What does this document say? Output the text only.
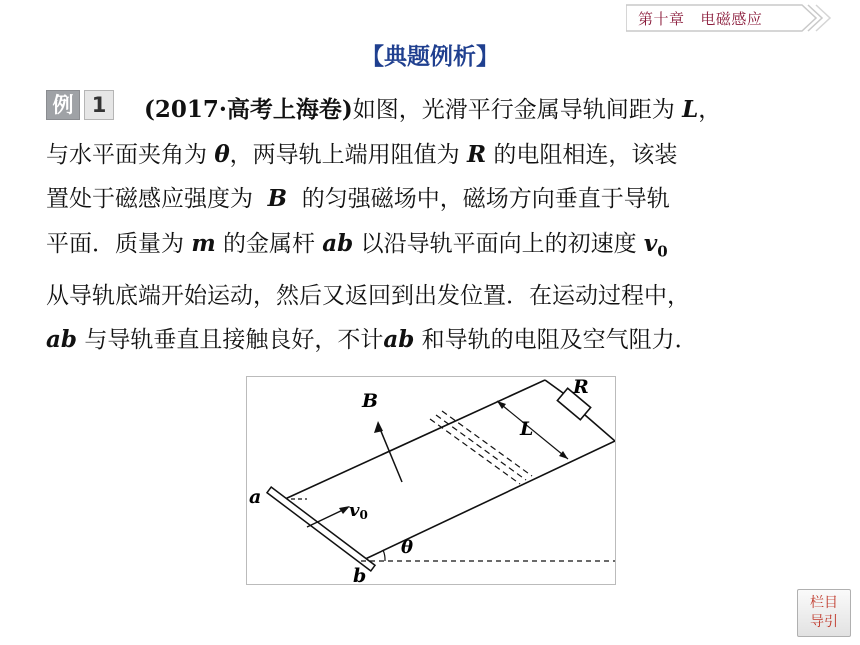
第十章 电磁感应
【典题例析】
例 1	(2017·高考上海卷)如图，光滑平行金属导轨间距为 L，

与水平面夹角为 θ，两导轨上端用阻值为 R 的电阻相连，该装

置处于磁感应强度为 B 的匀强磁场中，磁场方向垂直于导轨

平面．质量为 m 的金属杆 ab 以沿导轨平面向上的初速度 $v_0$

从导轨底端开始运动，然后又返回到出发位置．在运动过程中，

ab 与导轨垂直且接触良好，不计ab 和导轨的电阻及空气阻力．

B
R
L
a
b
v0
θ
栏目
导引
